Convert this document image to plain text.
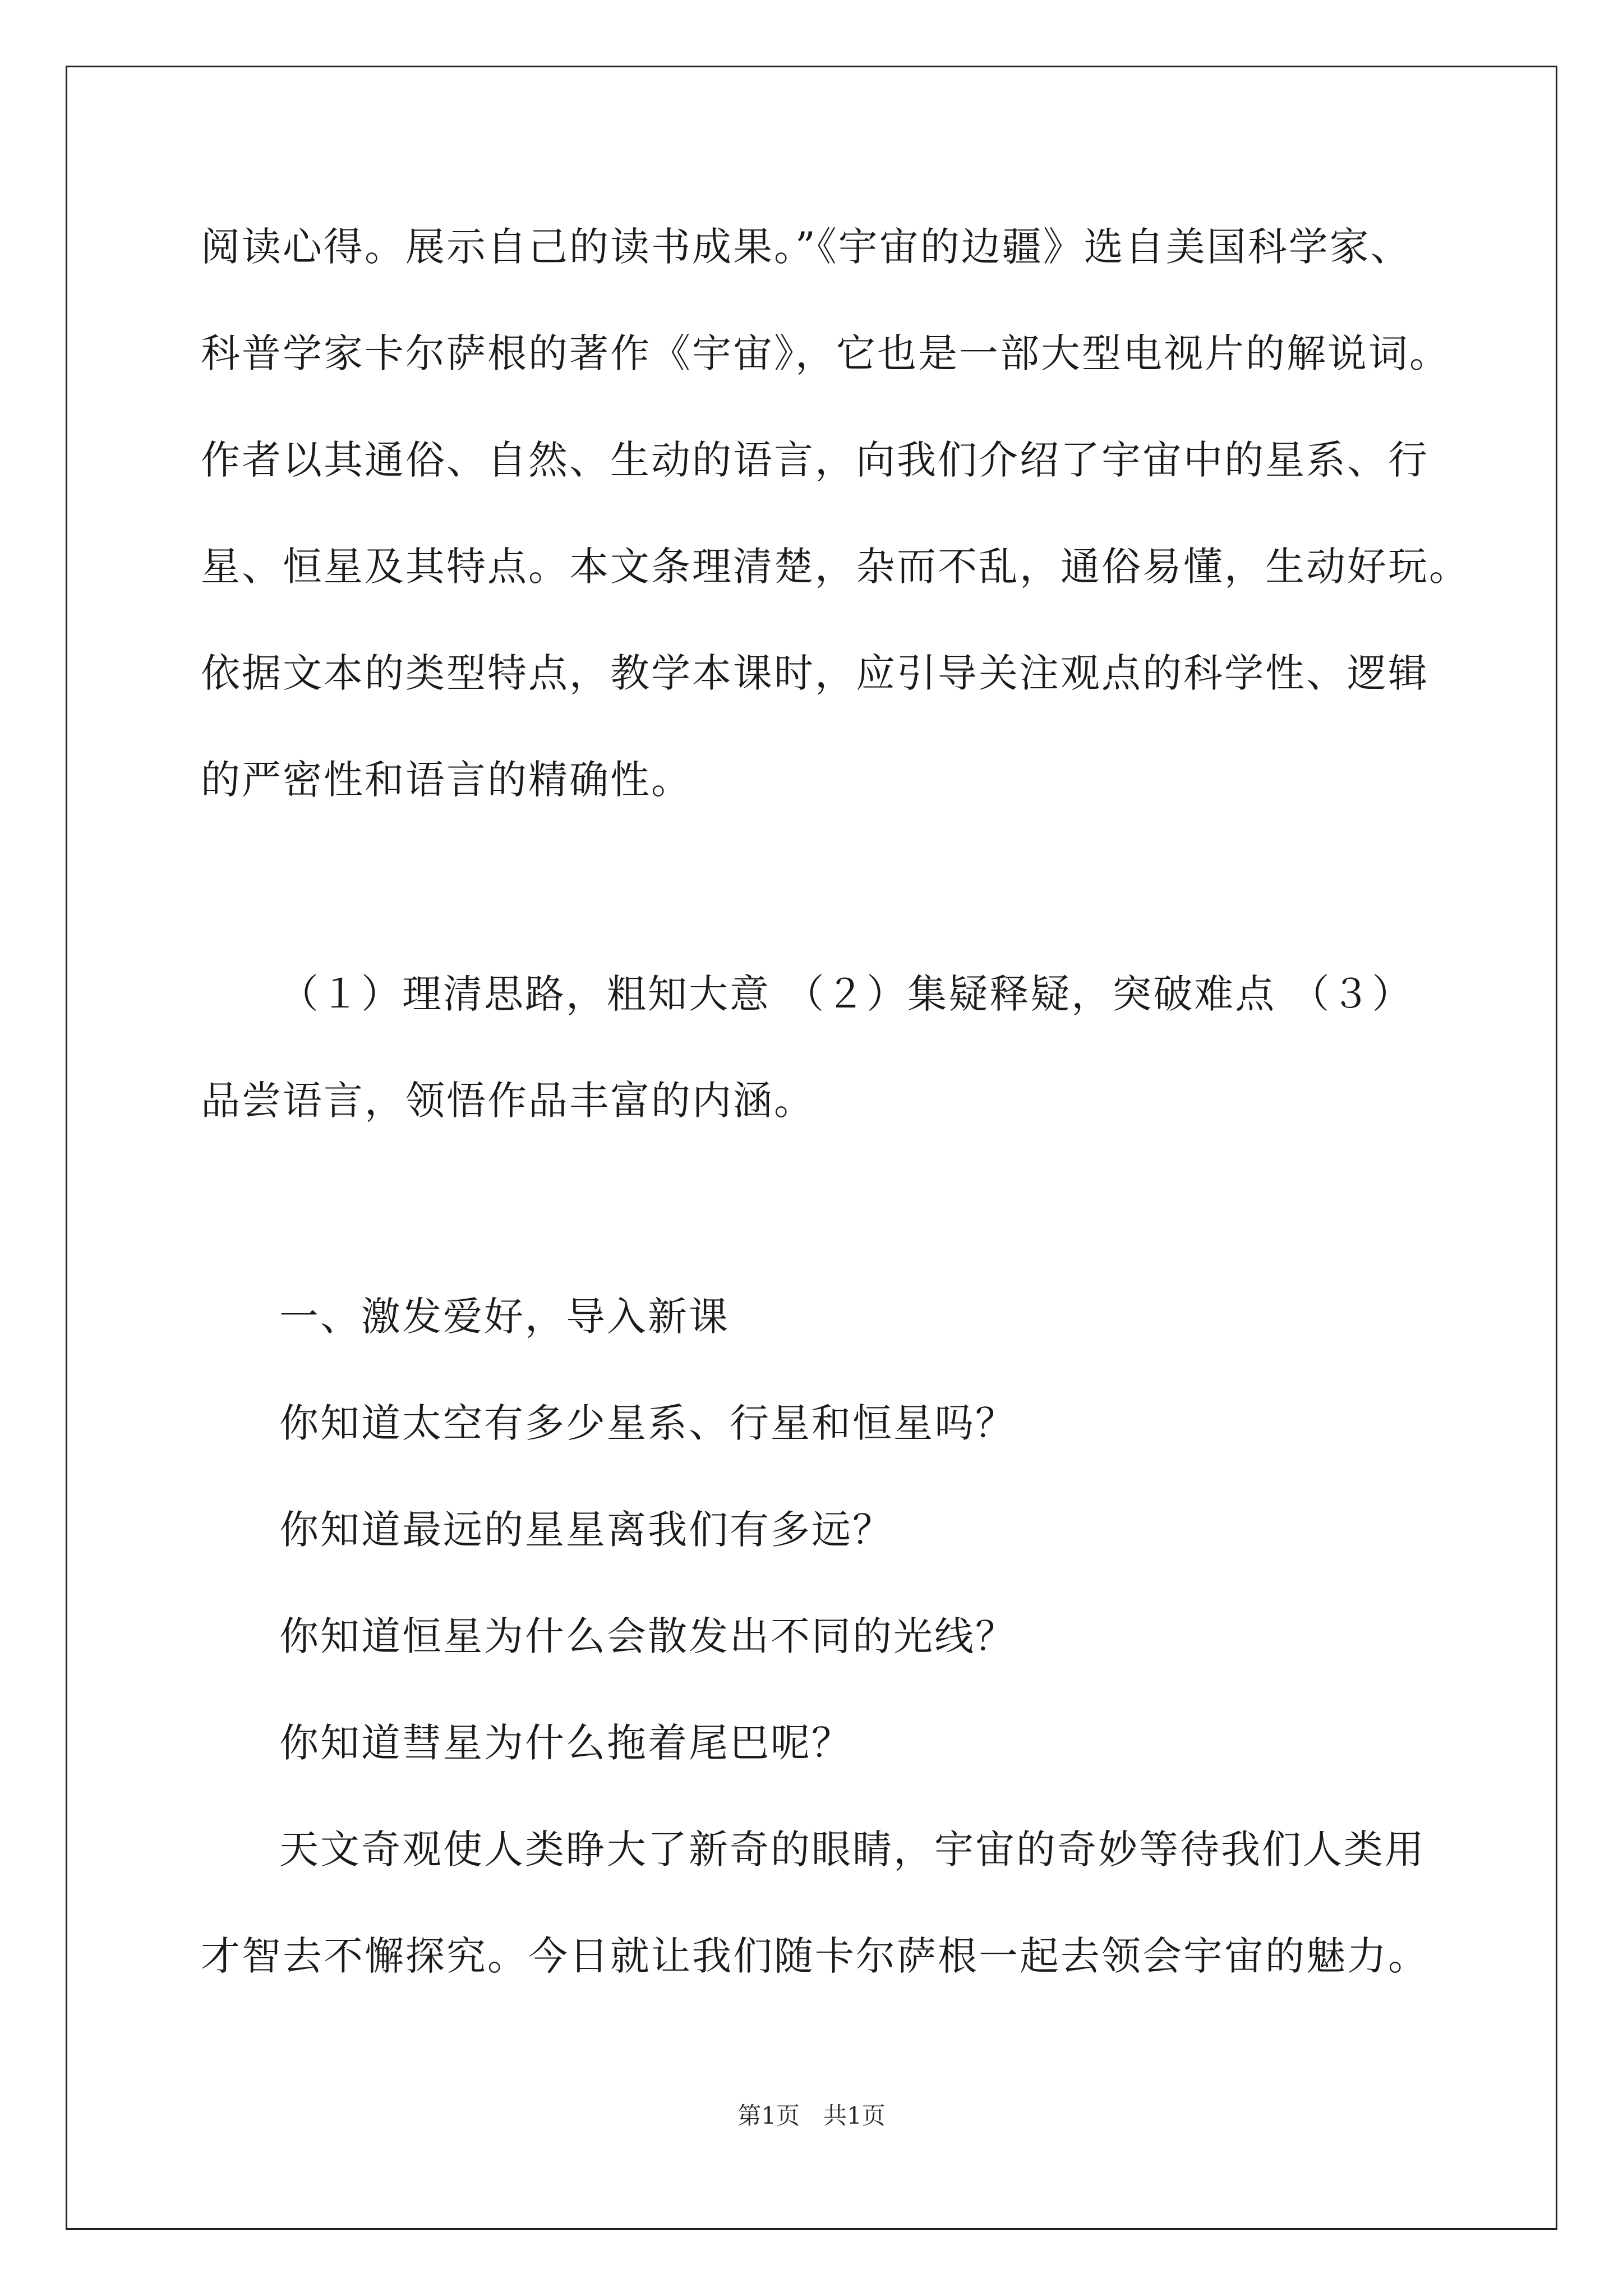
阅读心得。展示自己的读书成果。”《宇宙的边疆》选自美国科学家、
科普学家卡尔萨根的著作《宇宙》，它也是一部大型电视片的解说词。
作者以其通俗、自然、生动的语言，向我们介绍了宇宙中的星系、行
星、恒星及其特点。本文条理清楚，杂而不乱，通俗易懂，生动好玩。
依据文本的类型特点，教学本课时，应引导关注观点的科学性、逻辑
的严密性和语言的精确性。
（１）理清思路，粗知大意 （２）集疑释疑，突破难点 （３）
品尝语言，领悟作品丰富的内涵。
一、激发爱好，导入新课
你知道太空有多少星系、行星和恒星吗？
你知道最远的星星离我们有多远？
你知道恒星为什么会散发出不同的光线？
你知道彗星为什么拖着尾巴呢？
天文奇观使人类睁大了新奇的眼睛，宇宙的奇妙等待我们人类用
才智去不懈探究。今日就让我们随卡尔萨根一起去领会宇宙的魅力。
第1页　共1页
